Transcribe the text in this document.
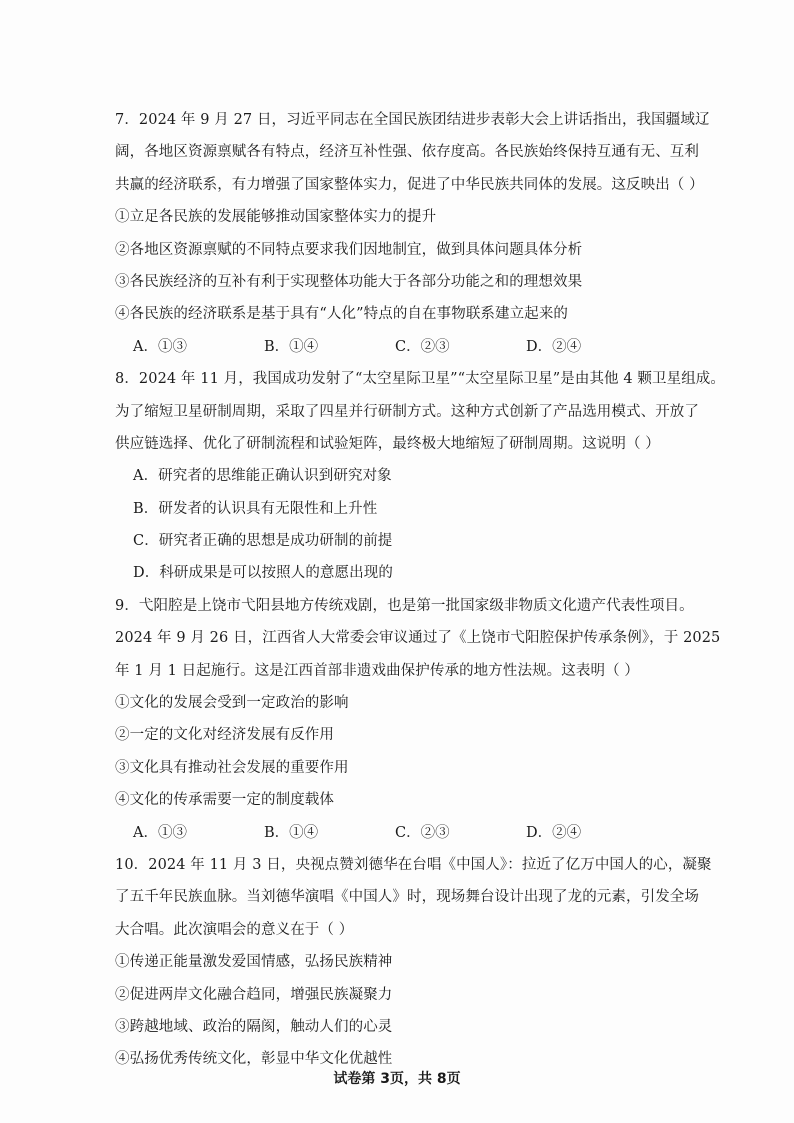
7．2024 年 9 月 27 日，习近平同志在全国民族团结进步表彰大会上讲话指出，我国疆域辽
阔，各地区资源禀赋各有特点，经济互补性强、依存度高。各民族始终保持互通有无、互利
共赢的经济联系，有力增强了国家整体实力，促进了中华民族共同体的发展。这反映出（ ）
①立足各民族的发展能够推动国家整体实力的提升
②各地区资源禀赋的不同特点要求我们因地制宜，做到具体问题具体分析
③各民族经济的互补有利于实现整体功能大于各部分功能之和的理想效果
④各民族的经济联系是基于具有“人化”特点的自在事物联系建立起来的
A．①③	B．①④	C．②③	D．②④
8．2024 年 11 月，我国成功发射了“太空星际卫星”“太空星际卫星”是由其他 4 颗卫星组成。
为了缩短卫星研制周期，采取了四星并行研制方式。这种方式创新了产品选用模式、开放了
供应链选择、优化了研制流程和试验矩阵，最终极大地缩短了研制周期。这说明（ ）
A．研究者的思维能正确认识到研究对象
B．研发者的认识具有无限性和上升性
C．研究者正确的思想是成功研制的前提
D．科研成果是可以按照人的意愿出现的
9．弋阳腔是上饶市弋阳县地方传统戏剧，也是第一批国家级非物质文化遗产代表性项目。
2024 年 9 月 26 日，江西省人大常委会审议通过了《上饶市弋阳腔保护传承条例》，于 2025
年 1 月 1 日起施行。这是江西首部非遗戏曲保护传承的地方性法规。这表明（ ）
①文化的发展会受到一定政治的影响
②一定的文化对经济发展有反作用
③文化具有推动社会发展的重要作用
④文化的传承需要一定的制度载体
A．①③	B．①④	C．②③	D．②④
10．2024 年 11 月 3 日，央视点赞刘德华在台唱《中国人》：拉近了亿万中国人的心，凝聚
了五千年民族血脉。当刘德华演唱《中国人》时，现场舞台设计出现了龙的元素，引发全场
大合唱。此次演唱会的意义在于（ ）
①传递正能量激发爱国情感，弘扬民族精神
②促进两岸文化融合趋同，增强民族凝聚力
③跨越地域、政治的隔阂，触动人们的心灵
④弘扬优秀传统文化，彰显中华文化优越性
试卷第 3页，共 8页
